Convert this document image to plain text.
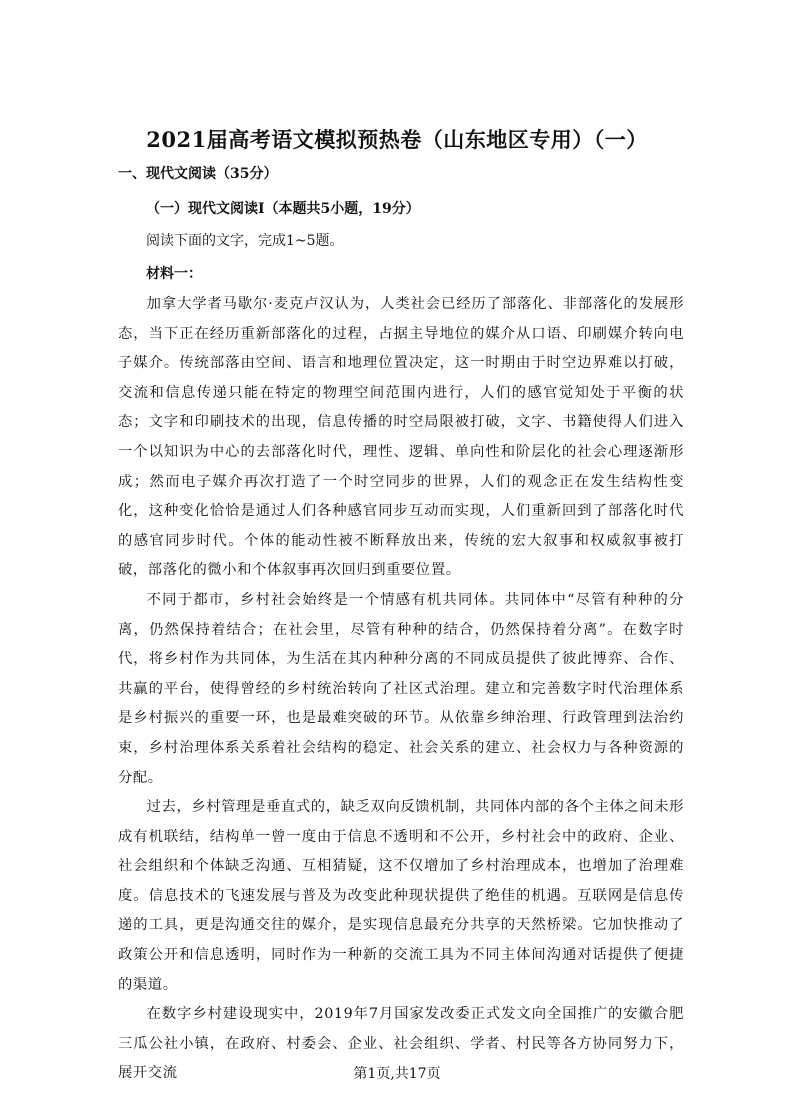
2021届高考语文模拟预热卷（山东地区专用）（一）
一、现代文阅读（35分）
（一）现代文阅读Ⅰ（本题共5小题，19分）
阅读下面的文字，完成1~5题。
材料一：

加拿大学者马歇尔·麦克卢汉认为，人类社会已经历了部落化、非部落化的发展形态，当下正在经历重新部落化的过程，占据主导地位的媒介从口语、印刷媒介转向电子媒介。传统部落由空间、语言和地理位置决定，这一时期由于时空边界难以打破，交流和信息传递只能在特定的物理空间范围内进行，人们的感官觉知处于平衡的状态；文字和印刷技术的出现，信息传播的时空局限被打破，文字、书籍使得人们进入一个以知识为中心的去部落化时代，理性、逻辑、单向性和阶层化的社会心理逐渐形成；然而电子媒介再次打造了一个时空同步的世界，人们的观念正在发生结构性变化，这种变化恰恰是通过人们各种感官同步互动而实现，人们重新回到了部落化时代的感官同步时代。个体的能动性被不断释放出来，传统的宏大叙事和权威叙事被打破，部落化的微小和个体叙事再次回归到重要位置。

不同于都市，乡村社会始终是一个情感有机共同体。共同体中“尽管有种种的分离，仍然保持着结合；在社会里，尽管有种种的结合，仍然保持着分离”。在数字时代，将乡村作为共同体，为生活在其内种种分离的不同成员提供了彼此博弈、合作、共赢的平台，使得曾经的乡村统治转向了社区式治理。建立和完善数字时代治理体系是乡村振兴的重要一环，也是最难突破的环节。从依靠乡绅治理、行政管理到法治约束，乡村治理体系关系着社会结构的稳定、社会关系的建立、社会权力与各种资源的分配。

过去，乡村管理是垂直式的，缺乏双向反馈机制，共同体内部的各个主体之间未形成有机联结，结构单一曾一度由于信息不透明和不公开，乡村社会中的政府、企业、社会组织和个体缺乏沟通、互相猜疑，这不仅增加了乡村治理成本，也增加了治理难度。信息技术的飞速发展与普及为改变此种现状提供了绝佳的机遇。互联网是信息传递的工具，更是沟通交往的媒介，是实现信息最充分共享的天然桥梁。它加快推动了政策公开和信息透明，同时作为一种新的交流工具为不同主体间沟通对话提供了便捷的渠道。

在数字乡村建设现实中，2019年7月国家发改委正式发文向全国推广的安徽合肥三瓜公社小镇，在政府、村委会、企业、社会组织、学者、村民等各方协同努力下，展开交流	第1页,共17页
